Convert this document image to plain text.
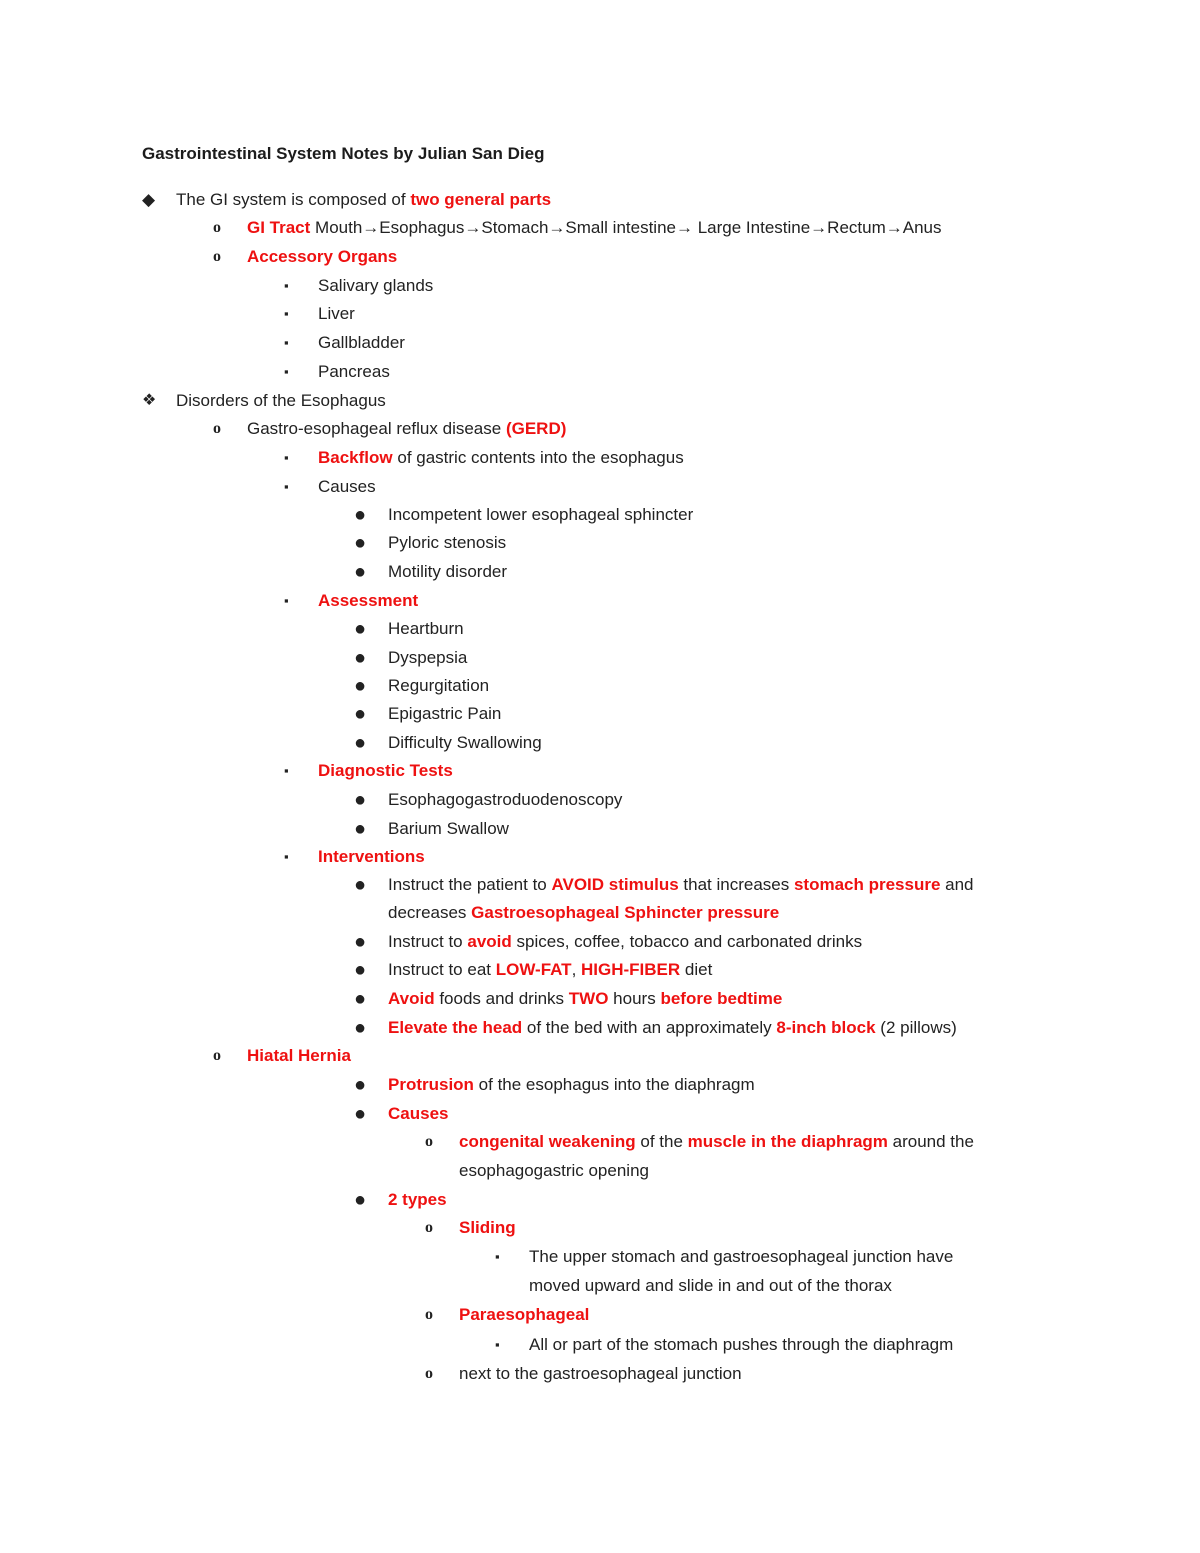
Gastrointestinal System Notes by Julian San Dieg
◆ The GI system is composed of two general parts
o GI Tract Mouth→Esophagus→Stomach→Small intestine→ Large Intestine→Rectum→Anus
o Accessory Organs
▪ Salivary glands
▪ Liver
▪ Gallbladder
▪ Pancreas
❖ Disorders of the Esophagus
o Gastro-esophageal reflux disease (GERD)
▪ Backflow of gastric contents into the esophagus
▪ Causes
● Incompetent lower esophageal sphincter
● Pyloric stenosis
● Motility disorder
▪ Assessment
● Heartburn
● Dyspepsia
● Regurgitation
● Epigastric Pain
● Difficulty Swallowing
▪ Diagnostic Tests
● Esophagogastroduodenoscopy
● Barium Swallow
▪ Interventions
● Instruct the patient to AVOID stimulus that increases stomach pressure and
decreases Gastroesophageal Sphincter pressure
● Instruct to avoid spices, coffee, tobacco and carbonated drinks
● Instruct to eat LOW-FAT, HIGH-FIBER diet
● Avoid foods and drinks TWO hours before bedtime
● Elevate the head of the bed with an approximately 8-inch block (2 pillows)
o Hiatal Hernia
● Protrusion of the esophagus into the diaphragm
● Causes
o congenital weakening of the muscle in the diaphragm around the
esophagogastric opening
● 2 types
o Sliding
▪ The upper stomach and gastroesophageal junction have
moved upward and slide in and out of the thorax
o Paraesophageal
▪ All or part of the stomach pushes through the diaphragm
o next to the gastroesophageal junction
